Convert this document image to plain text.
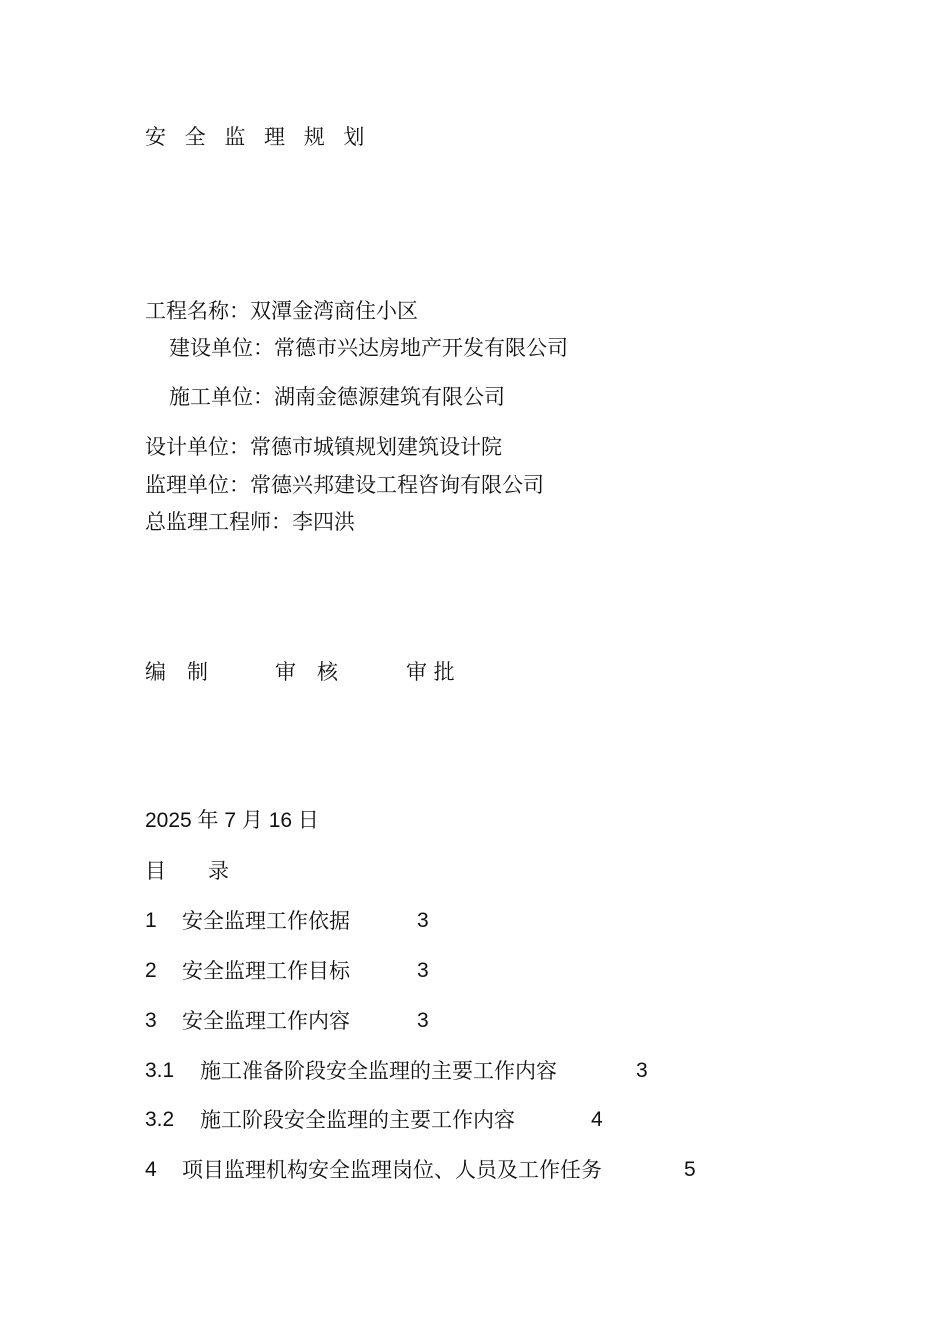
安 全 监 理 规 划
工程名称：双潭金湾商住小区
建设单位：常德市兴达房地产开发有限公司
施工单位：湖南金德源建筑有限公司
设计单位：常德市城镇规划建筑设计院
监理单位：常德兴邦建设工程咨询有限公司
总监理工程师：李四洪
编　制	审　核	审 批
2025 年 7 月 16 日
目　　录
1 安全监理工作依据	3
2 安全监理工作目标	3
3 安全监理工作内容	3
3.1 施工准备阶段安全监理的主要工作内容	3
3.2 施工阶段安全监理的主要工作内容	4
4 项目监理机构安全监理岗位、人员及工作任务	5
